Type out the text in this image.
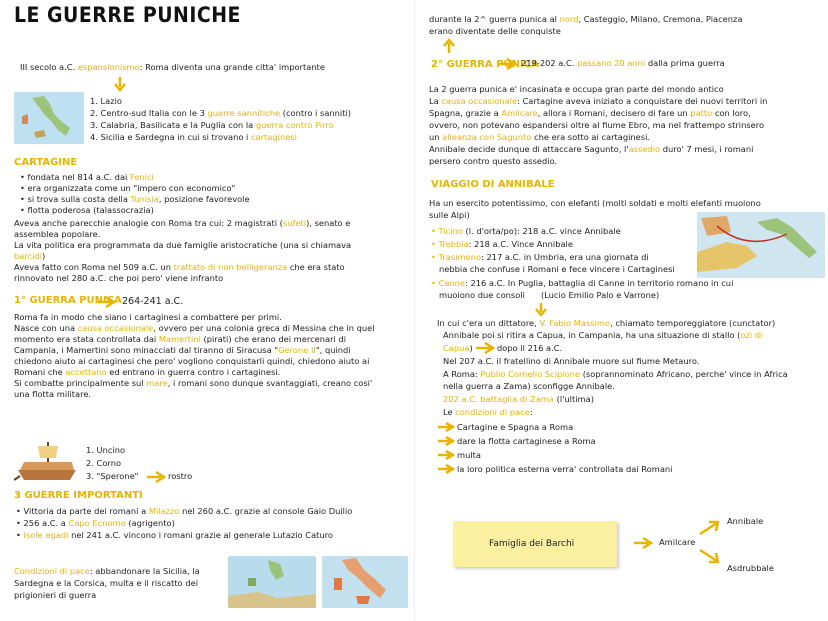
LE GUERRE PUNICHE
III secolo a.C. espansionismo: Roma diventa una grande citta' importante
1. Lazio
2. Centro-sud Italia con le 3 guerre sannitiche (contro i sanniti)
3. Calabria, Basilicata e la Puglia con la guerra contro Pirro
4. Sicilia e Sardegna in cui si trovano i cartaginesi
CARTAGINE
• fondata nel 814 a.C. dai Fenici
• era organizzata come un "impero con economico"
• si trova sulla costa della Tunisia, posizione favorevole
• flotta poderosa (talassocrazia)
Aveva anche parecchie analogie con Roma tra cui: 2 magistrati (sufeti), senato e
assemblea popolare.
La vita politica era programmata da due famiglie aristocratiche (una si chiamava
barcidi)
Aveva fatto con Roma nel 509 a.C. un trattato di non belligeranza che era stato
rinnovato nel 280 a.C. che poi pero' viene infranto
1° GUERRA PUNICA 264-241 a.C.
Roma fa in modo che siano i cartaginesi a combattere per primi.
Nasce con una causa occasionale, ovvero per una colonia greca di Messina che in quel
momento era stata controllata dai Mamertini (pirati) che erano dei mercenari di
Campania, i Mamertini sono minacciati dal tiranno di Siracusa "Gerone II", quindi
chiedono aiuto ai cartaginesi che pero' vogliono conquistarli quindi, chiedono aiuto ai
Romani che accettano ed entrano in guerra contro i cartaginesi.
Si combatte principalmente sul mare, i romani sono dunque svantaggiati, creano cosi'
una flotta militare.
1. Uncino
2. Corno
3. "Sperone"	rostro
3 GUERRE IMPORTANTI
• Vittoria da parte dei romani a Milazzo nel 260 a.C. grazie al console Gaio Duilio
• 256 a.C. a Capo Ecnomo (agrigento)
• Isole egadi nel 241 a.C. vincono i romani grazie al generale Lutazio Caturo
Condizioni di pace: abbandonare la Sicilia, la
Sardegna e la Corsica, multa e il riscatto dei
prigionieri di guerra
durante la 2^ guerra punica al nord, Casteggio, Milano, Cremona, Piacenza
erano diventate delle conquiste
2° GUERRA PUNICA
219-202 a.C. passano 20 anni dalla prima guerra
La 2 guerra punica e' incasinata e occupa gran parte del mondo antico
La causa occasionale: Cartagine aveva iniziato a conquistare dei nuovi territori in
Spagna, grazie a Amilcare, allora i Romani, decisero di fare un patto con loro,
ovvero, non potevano espandersi oltre al fiume Ebro, ma nel frattempo strinsero
un alleanza con Sagunto che era sotto ai cartaginesi.
Annibale decide dunque di attaccare Sagunto, l'assedio duro' 7 mesi, i romani
persero contro questo assedio.
VIAGGIO DI ANNIBALE
Ha un esercito potentissimo, con elefanti (molti soldati e molti elefanti muoiono
sulle Alpi)
• Ticino (l. d'orta/po): 218 a.C. vince Annibale
• Trebbia: 218 a.C. Vince Annibale
• Trasimeno: 217 a.C. in Umbria, era una giornata di
nebbia che confuse i Romani e fece vincere i Cartaginesi
• Canne: 216 a.C. In Puglia, battaglia di Canne in territorio romano in cui
muoiono due consoli (Lucio Emilio Palo e Varrone)
In cui c'era un dittatore, V. Fabio Massimo, chiamato temporeggiatore (cunctator)
Annibale poi si ritira a Capua, in Campania, ha una situazione di stallo (ozi di
Capua)	dopo il 216 a.C.
Nel 207 a.C. il fratellino di Annibale muore sul fiume Metauro.
A Roma: Publio Cornelio Scipione (soprannominato Africano, perche' vince in Africa
nella guerra a Zama) sconfigge Annibale.
202 a.C. battaglia di Zama (l'ultima)
Le condizioni di pace:
Cartagine e Spagna a Roma
dare la flotta cartaginese a Roma
multa
la loro politica esterna verra' controllata dai Romani
Famiglia dei Barchi	Amilcare
Annibale
Asdrubbale
